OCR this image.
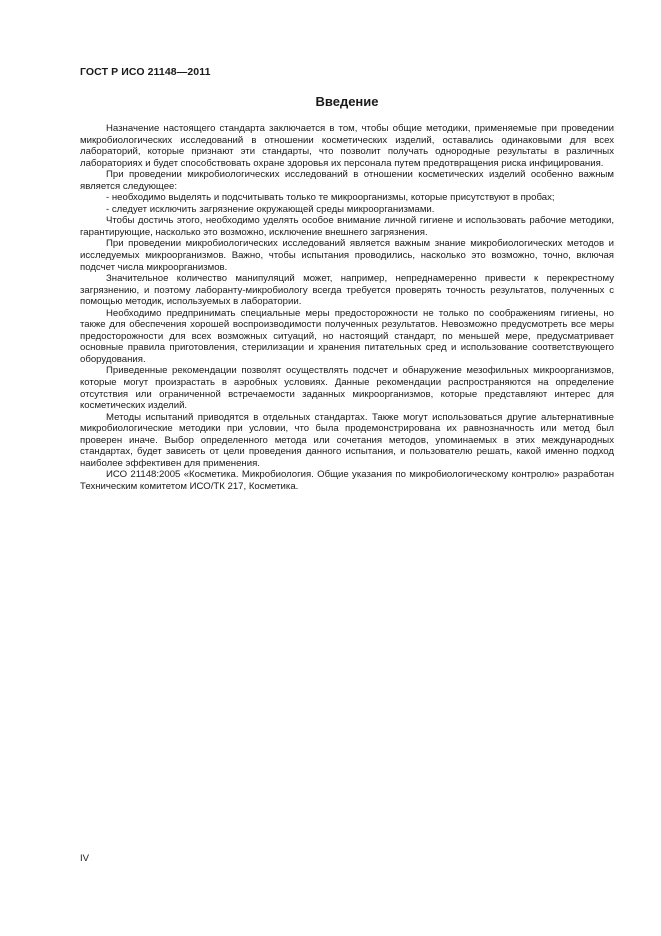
ГОСТ Р ИСО 21148—2011
Введение

Назначение настоящего стандарта заключается в том, чтобы общие методики, применяемые при проведении микробиологических исследований в отношении косметических изделий, оставались одинаковыми для всех лабораторий, которые признают эти стандарты, что позволит получать однородные результаты в различных лабораториях и будет способствовать охране здоровья их персонала путем предотвращения риска инфицирования.

При проведении микробиологических исследований в отношении косметических изделий особенно важным является следующее:

- необходимо выделять и подсчитывать только те микроорганизмы, которые присутствуют в пробах;

- следует исключить загрязнение окружающей среды микроорганизмами.

Чтобы достичь этого, необходимо уделять особое внимание личной гигиене и использовать рабочие методики, гарантирующие, насколько это возможно, исключение внешнего загрязнения.

При проведении микробиологических исследований является важным знание микробиологических методов и исследуемых микроорганизмов. Важно, чтобы испытания проводились, насколько это возможно, точно, включая подсчет числа микроорганизмов.

Значительное количество манипуляций может, например, непреднамеренно привести к перекрестному загрязнению, и поэтому лаборанту-микробиологу всегда требуется проверять точность результатов, полученных с помощью методик, используемых в лаборатории.

Необходимо предпринимать специальные меры предосторожности не только по соображениям гигиены, но также для обеспечения хорошей воспроизводимости полученных результатов. Невозможно предусмотреть все меры предосторожности для всех возможных ситуаций, но настоящий стандарт, по меньшей мере, предусматривает основные правила приготовления, стерилизации и хранения питательных сред и использование соответствующего оборудования.

Приведенные рекомендации позволят осуществлять подсчет и обнаружение мезофильных микроорганизмов, которые могут произрастать в аэробных условиях. Данные рекомендации распространяются на определение отсутствия или ограниченной встречаемости заданных микроорганизмов, которые представляют интерес для косметических изделий.

Методы испытаний приводятся в отдельных стандартах. Также могут использоваться другие альтернативные микробиологические методики при условии, что была продемонстрирована их равнозначность или метод был проверен иначе. Выбор определенного метода или сочетания методов, упоминаемых в этих международных стандартах, будет зависеть от цели проведения данного испытания, и пользователю решать, какой именно подход наиболее эффективен для применения.

ИСО 21148:2005 «Косметика. Микробиология. Общие указания по микробиологическому контролю» разработан Техническим комитетом ИСО/ТК 217, Косметика.

IV
